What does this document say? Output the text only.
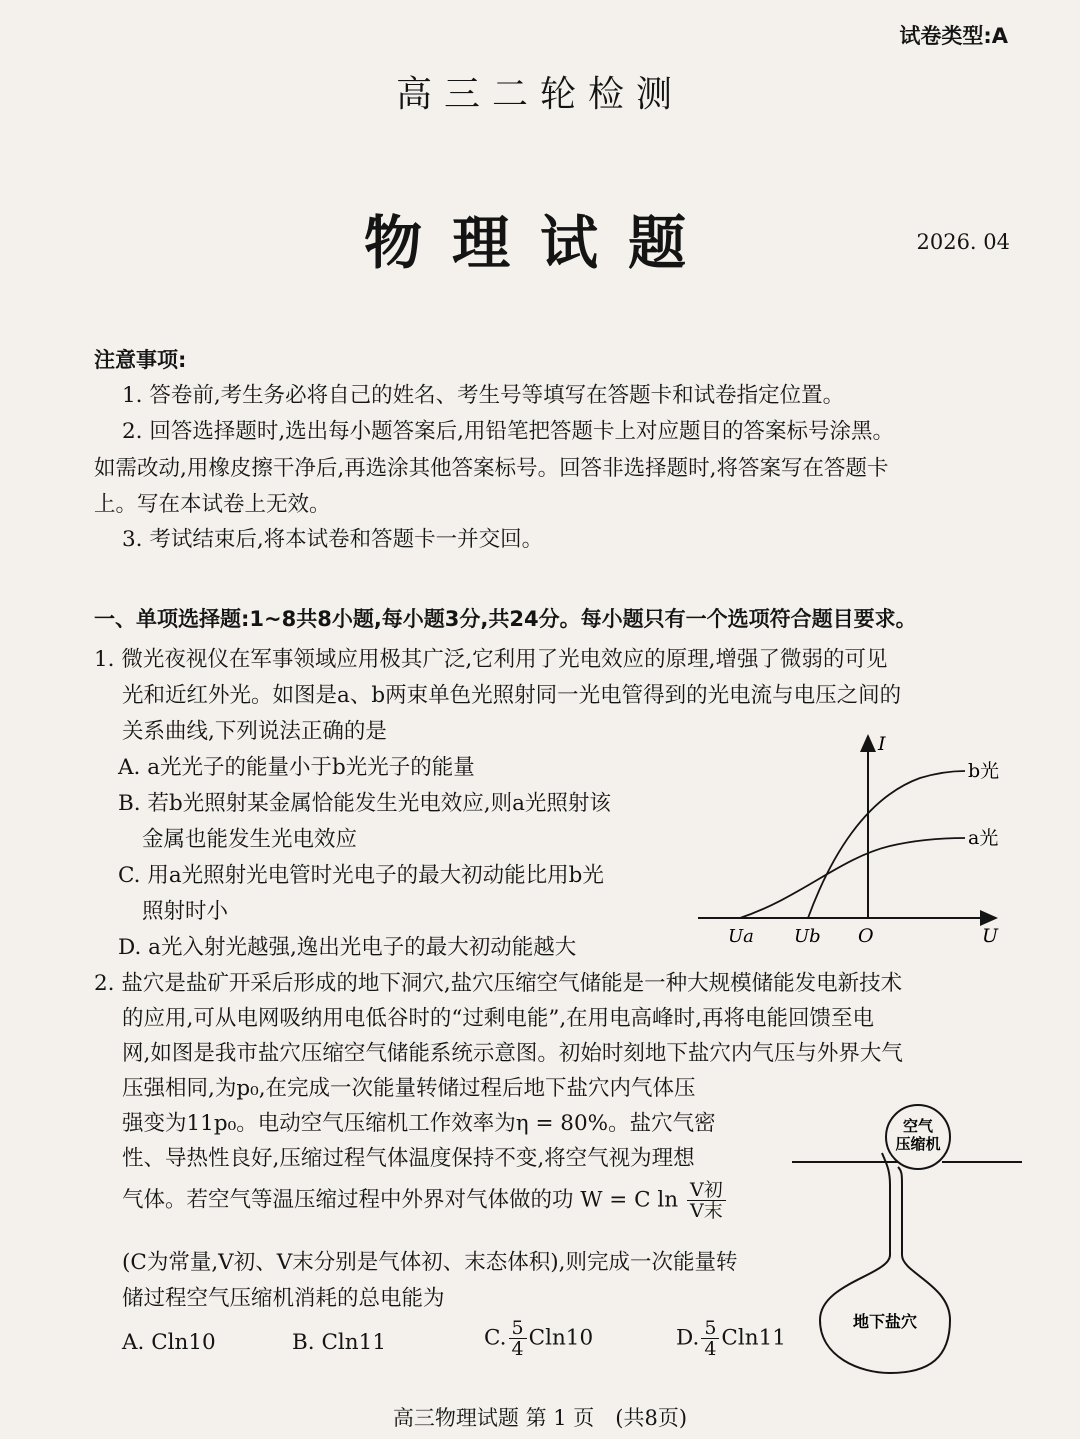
试卷类型:A
高三二轮检测
物理试题	2026. 04
注意事项:
1. 答卷前,考生务必将自己的姓名、考生号等填写在答题卡和试卷指定位置。
2. 回答选择题时,选出每小题答案后,用铅笔把答题卡上对应题目的答案标号涂黑。
如需改动,用橡皮擦干净后,再选涂其他答案标号。回答非选择题时,将答案写在答题卡
上。写在本试卷上无效。
3. 考试结束后,将本试卷和答题卡一并交回。
一、单项选择题:1~8共8小题,每小题3分,共24分。每小题只有一个选项符合题目要求。
1. 微光夜视仪在军事领域应用极其广泛,它利用了光电效应的原理,增强了微弱的可见
光和近红外光。如图是a、b两束单色光照射同一光电管得到的光电流与电压之间的
关系曲线,下列说法正确的是
A. a光光子的能量小于b光光子的能量
B. 若b光照射某金属恰能发生光电效应,则a光照射该
金属也能发生光电效应
C. 用a光照射光电管时光电子的最大初动能比用b光
照射时小
D. a光入射光越强,逸出光电子的最大初动能越大
I
U
O
Ua Ub
b光
a光
2. 盐穴是盐矿开采后形成的地下洞穴,盐穴压缩空气储能是一种大规模储能发电新技术
的应用,可从电网吸纳用电低谷时的“过剩电能”,在用电高峰时,再将电能回馈至电
网,如图是我市盐穴压缩空气储能系统示意图。初始时刻地下盐穴内气压与外界大气
压强相同,为p₀,在完成一次能量转储过程后地下盐穴内气体压
强变为11p₀。电动空气压缩机工作效率为η = 80%。盐穴气密
性、导热性良好,压缩过程气体温度保持不变,将空气视为理想
气体。若空气等温压缩过程中外界对气体做的功 W = C $\ln \frac{\text{V初}}{\text{V末}}$
(C为常量,V初、V末分别是气体初、末态体积),则完成一次能量转
储过程空气压缩机消耗的总电能为
A. Cln10	B. Cln11	C. $\frac{5}{4} Cln10$	D. $\frac{5}{4} Cln11$
空气
压缩机
地下盐穴
高三物理试题 第 1 页　(共8页)
